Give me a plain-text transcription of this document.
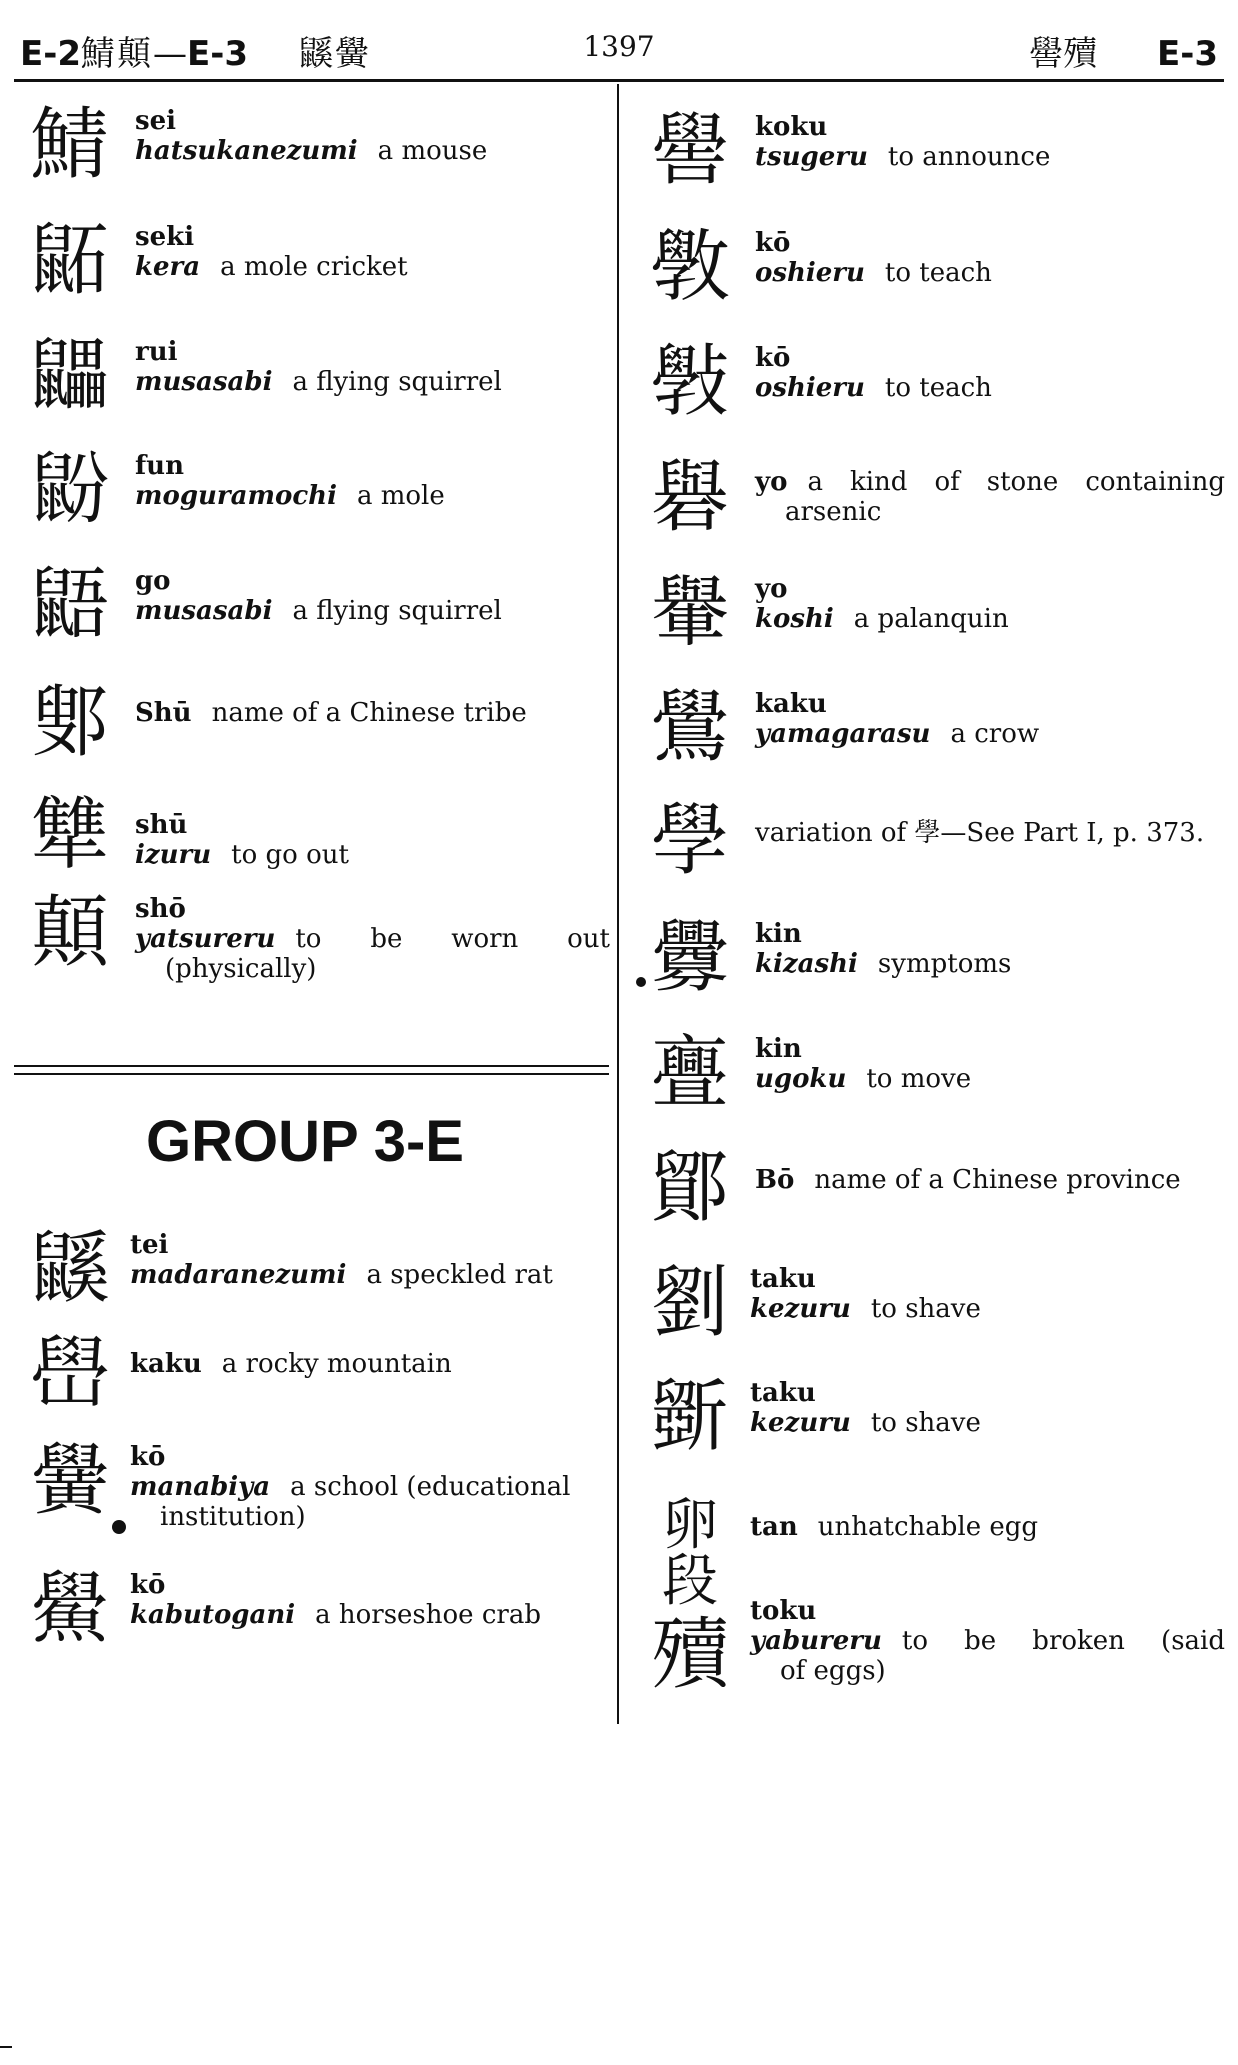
E-2鯖顛—E-3 鼷黌	1397	嚳殰 E-3
鯖	sei
hatsukanezumi a mouse
鼫	seki
kera a mole cricket
鼺	rui
musasabi a flying squirrel
鼢	fun
moguramochi a mole
鼯	go
musasabi a flying squirrel
鄋	Shū name of a Chinese tribe
犨	shū
izuru to go out
顛	shō
yatsureru to be worn out
(physically)
GROUP 3-E
鼷 tei
madaranezumi a speckled rat
嶨 kaku a rocky mountain
黌 kō
manabiya a school (educational
institution)
鱟 kō
kabutogani a horseshoe crab
嚳	koku
tsugeru to announce
斆	kō
oshieru to teach
斅	kō
oshieru to teach
礜	yo a kind of stone containing
arsenic
轝	yo
koshi a palanquin
鷽	kaku
yamagarasu a crow
學	variation of 學—See Part I, p. 373.
釁	kin
kizashi symptoms
亹	kin
ugoku to move
鄮	Bō name of a Chinese province
劉 taku
kezuru to shave
斵 taku
kezuru to shave
卵段
tan unhatchable egg
殰 toku
yabureru to be broken (said
of eggs)
